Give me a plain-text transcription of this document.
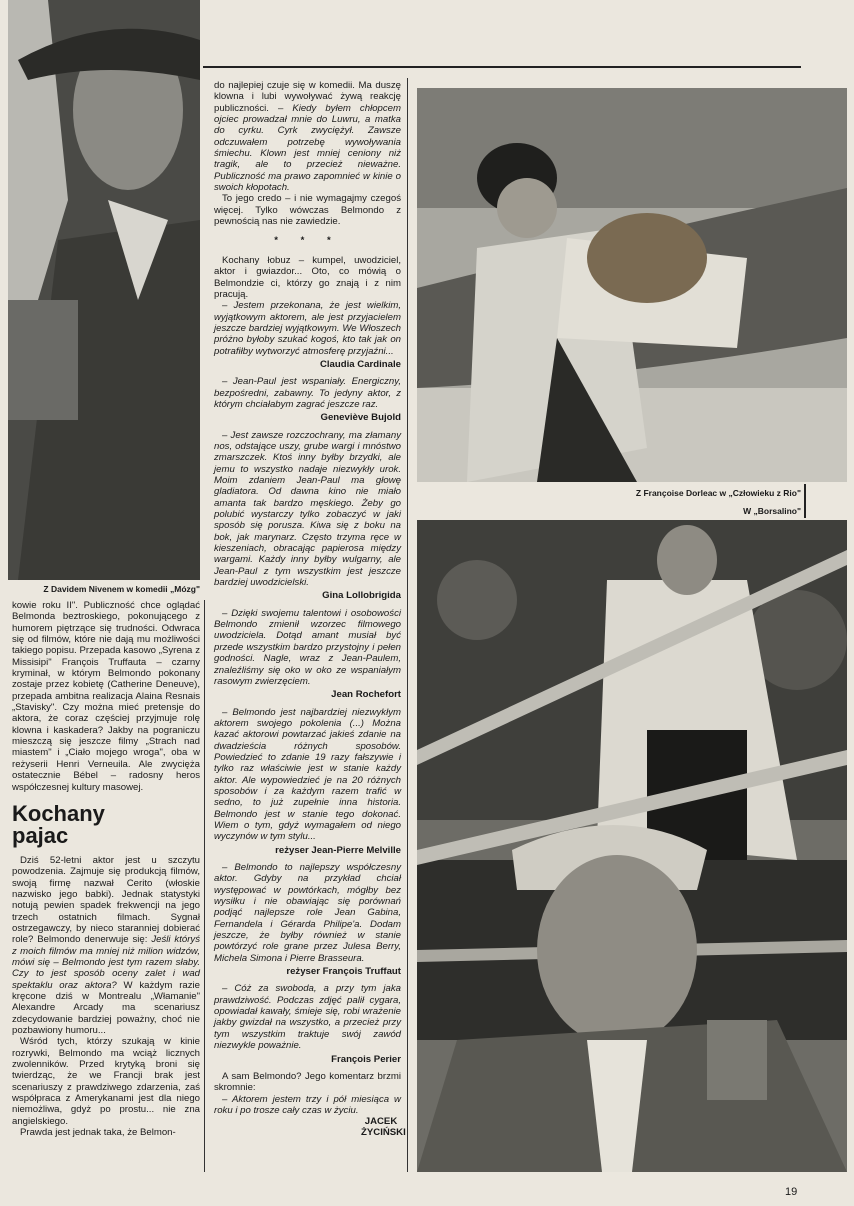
Z Davidem Nivenem w komedii „Mózg"

kowie roku II". Publiczność chce oglądać Belmonda beztroskiego, pokonującego z humorem piętrzące się trudności. Odwraca się od filmów, które nie dają mu możliwości takiego popisu. Przepada kasowo „Syrena z Missisipi" François Truffauta – czarny kryminał, w którym Belmondo pokonany zostaje przez kobietę (Catherine Deneuve), przepada ambitna realizacja Alaina Resnais „Stavisky". Czy można mieć pretensje do aktora, że coraz częściej przyjmuje rolę klowna i kaskadera? Jakby na pograniczu mieszczą się jeszcze filmy „Strach nad miastem" i „Ciało mojego wroga", oba w reżyserii Henri Verneuila. Ale zwycięża ostatecznie Bébel – radosny heros współczesnej kultury masowej.

Kochany pajac

Dziś 52-letni aktor jest u szczytu powodzenia. Zajmuje się produkcją filmów, swoją firmę nazwał Cerito (włoskie nazwisko jego babki). Jednak statystyki notują pewien spadek frekwencji na jego trzech ostatnich filmach. Sygnał ostrzegawczy, by nieco staranniej dobierać role? Belmondo denerwuje się: Jeśli któryś z moich filmów ma mniej niż milion widzów, mówi się – Belmondo jest tym razem słaby. Czy to jest sposób oceny zalet i wad spektaklu oraz aktora? W każdym razie kręcone dziś w Montrealu „Włamanie" Alexandre Arcady ma scenariusz zdecydowanie bardziej poważny, choć nie pozbawiony humoru...

Wśród tych, którzy szukają w kinie rozrywki, Belmondo ma wciąż licznych zwolenników. Przed krytyką broni się twierdząc, że we Francji brak jest scenariuszy z prawdziwego zdarzenia, zaś współpraca z Amerykanami jest dla niego niemożliwa, gdyż po prostu... nie zna angielskiego.

Prawda jest jednak taka, że Belmon-

do najlepiej czuje się w komedii. Ma duszę klowna i lubi wywoływać żywą reakcję publiczności. – Kiedy byłem chłopcem ojciec prowadzał mnie do Luwru, a matka do cyrku. Cyrk zwyciężył. Zawsze odczuwałem potrzebę wywoływania śmiechu. Klown jest mniej ceniony niż tragik, ale to przecież nieważne. Publiczność ma prawo zapomnieć w kinie o swoich kłopotach.

To jego credo – i nie wymagajmy czegoś więcej. Tylko wówczas Belmondo z pewnością nas nie zawiedzie.

* * *

Kochany łobuz – kumpel, uwodziciel, aktor i gwiazdor... Oto, co mówią o Belmondzie ci, którzy go znają i z nim pracują.

– Jestem przekonana, że jest wielkim, wyjątkowym aktorem, ale jest przyjacielem jeszcze bardziej wyjątkowym. We Włoszech próżno byłoby szukać kogoś, kto tak jak on potrafiłby wytworzyć atmosferę przyjaźni...

Claudia Cardinale

– Jean-Paul jest wspaniały. Energiczny, bezpośredni, zabawny. To jedyny aktor, z którym chciałabym zagrać jeszcze raz.

Geneviève Bujold

– Jest zawsze rozczochrany, ma złamany nos, odstające uszy, grube wargi i mnóstwo zmarszczek. Ktoś inny byłby brzydki, ale jemu to wszystko nadaje niezwykły urok. Moim zdaniem Jean-Paul ma głowę gladiatora. Od dawna kino nie miało amanta tak bardzo męskiego. Żeby go polubić wystarczy tylko zobaczyć w jaki sposób się porusza. Kiwa się z boku na bok, jak marynarz. Często trzyma ręce w kieszeniach, obracając papierosa między wargami. Każdy inny byłby wulgarny, ale Jean-Paul z tym wszystkim jest jeszcze bardziej uwodzicielski.

Gina Lollobrigida

– Dzięki swojemu talentowi i osobowości Belmondo zmienił wzorzec filmowego uwodziciela. Dotąd amant musiał być przede wszystkim bardzo przystojny i pełen godności. Nagle, wraz z Jean-Paulem, znaleźliśmy się oko w oko ze wspaniałym rasowym zwierzęciem.

Jean Rochefort

– Belmondo jest najbardziej niezwykłym aktorem swojego pokolenia (...) Można kazać aktorowi powtarzać jakieś zdanie na dwadzieścia różnych sposobów. Powiedzieć to zdanie 19 razy fałszywie i tylko raz właściwie jest w stanie każdy aktor. Ale wypowiedzieć je na 20 różnych sposobów i za każdym razem trafić w sedno, to już zupełnie inna historia. Belmondo jest w stanie tego dokonać. Wiem o tym, gdyż wymagałem od niego wyczynów w tym stylu...

reżyser Jean-Pierre Melville

– Belmondo to najlepszy współczesny aktor. Gdyby na przykład chciał występować w powtórkach, mógłby bez wysiłku i nie obawiając się porównań podjąć najlepsze role Jean Gabina, Fernandela i Gérarda Philipe'a. Dodam jeszcze, że byłby również w stanie powtórzyć role grane przez Julesa Berry, Michela Simona i Pierre Brasseura.

reżyser François Truffaut

– Cóż za swoboda, a przy tym jaka prawdziwość. Podczas zdjęć palił cygara, opowiadał kawały, śmieje się, robi wrażenie jakby gwizdał na wszystko, a przecież przy tym wszystkim traktuje swój zawód niezwykle poważnie.

François Perier

A sam Belmondo? Jego komentarz brzmi skromnie:

– Aktorem jestem trzy i pół miesiąca w roku i po trosze cały czas w życiu.

JACEK ŻYCIŃSKI

Z Françoise Dorleac w „Człowieku z Rio"
W „Borsalino"
19
